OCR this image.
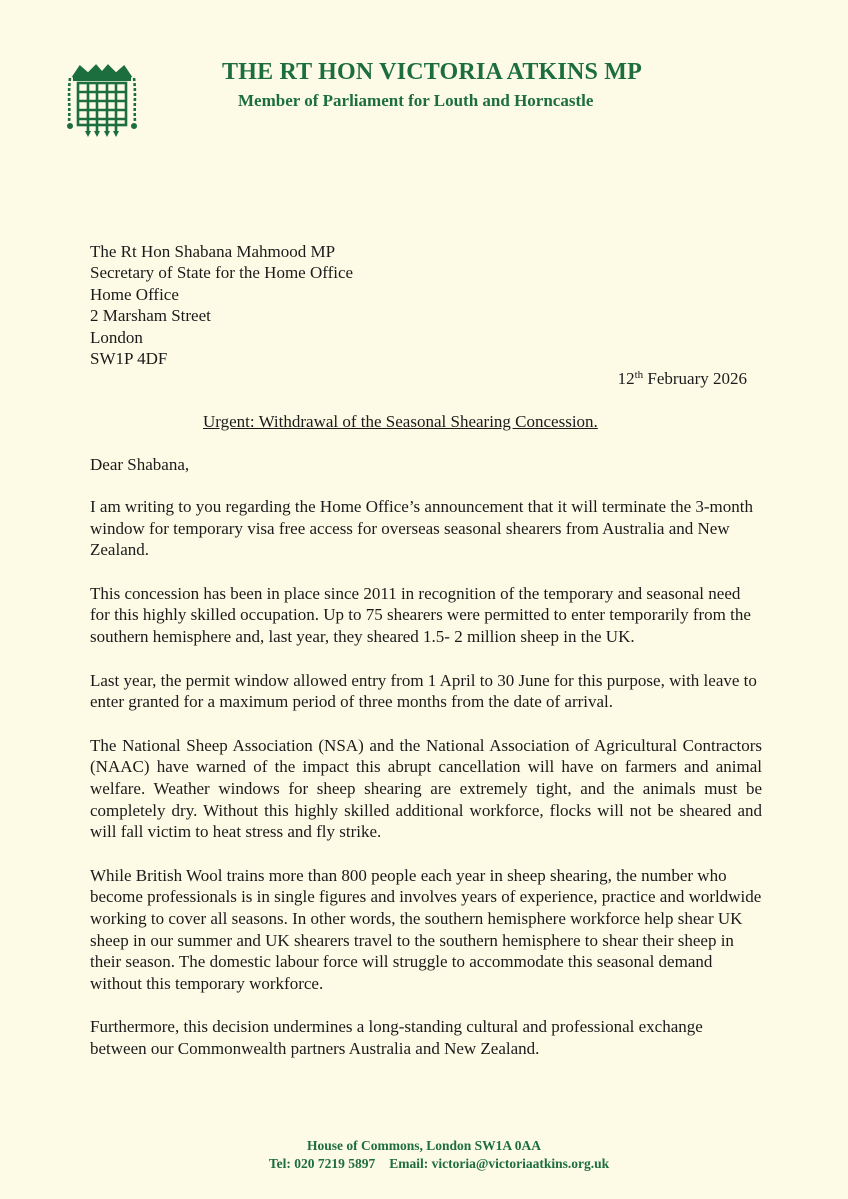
THE RT HON VICTORIA ATKINS MP
Member of Parliament for Louth and Horncastle
The Rt Hon Shabana Mahmood MP
Secretary of State for the Home Office
Home Office
2 Marsham Street
London
SW1P 4DF
12th February 2026
Urgent: Withdrawal of the Seasonal Shearing Concession.
Dear Shabana,

I am writing to you regarding the Home Office’s announcement that it will terminate the 3-month window for temporary visa free access for overseas seasonal shearers from Australia and New Zealand.

This concession has been in place since 2011 in recognition of the temporary and seasonal need for this highly skilled occupation. Up to 75 shearers were permitted to enter temporarily from the southern hemisphere and, last year, they sheared 1.5- 2 million sheep in the UK.

Last year, the permit window allowed entry from 1 April to 30 June for this purpose, with leave to enter granted for a maximum period of three months from the date of arrival.

The National Sheep Association (NSA) and the National Association of Agricultural Contractors (NAAC) have warned of the impact this abrupt cancellation will have on farmers and animal welfare. Weather windows for sheep shearing are extremely tight, and the animals must be completely dry. Without this highly skilled additional workforce, flocks will not be sheared and will fall victim to heat stress and fly strike.

While British Wool trains more than 800 people each year in sheep shearing, the number who become professionals is in single figures and involves years of experience, practice and worldwide working to cover all seasons. In other words, the southern hemisphere workforce help shear UK sheep in our summer and UK shearers travel to the southern hemisphere to shear their sheep in their season. The domestic labour force will struggle to accommodate this seasonal demand without this temporary workforce.

Furthermore, this decision undermines a long-standing cultural and professional exchange between our Commonwealth partners Australia and New Zealand.

House of Commons, London SW1A 0AA
Tel: 020 7219 5897 Email: victoria@victoriaatkins.org.uk
